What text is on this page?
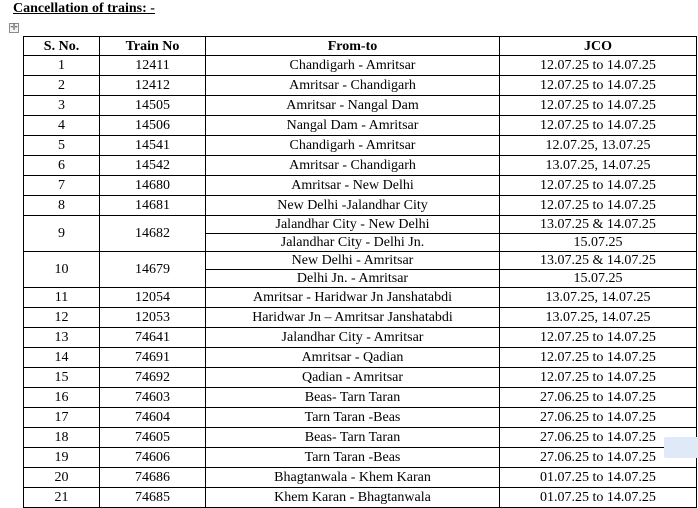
Cancellation of trains: -
✛
S. No.	Train No	From-to	JCO
1	12411	Chandigarh - Amritsar	12.07.25 to 14.07.25
2	12412	Amritsar - Chandigarh	12.07.25 to 14.07.25
3	14505	Amritsar - Nangal Dam	12.07.25 to 14.07.25
4	14506	Nangal Dam - Amritsar	12.07.25 to 14.07.25
5	14541	Chandigarh - Amritsar	12.07.25, 13.07.25
6	14542	Amritsar - Chandigarh	13.07.25, 14.07.25
7	14680	Amritsar - New Delhi	12.07.25 to 14.07.25
8	14681	New Delhi -Jalandhar City	12.07.25 to 14.07.25
9	14682	Jalandhar City - New Delhi	13.07.25 & 14.07.25
		Jalandhar City - Delhi Jn.	15.07.25
10	14679	New Delhi - Amritsar	13.07.25 & 14.07.25
		Delhi Jn. - Amritsar	15.07.25
11	12054	Amritsar - Haridwar Jn Janshatabdi	13.07.25, 14.07.25
12	12053	Haridwar Jn – Amritsar Janshatabdi	13.07.25, 14.07.25
13	74641	Jalandhar City - Amritsar	12.07.25 to 14.07.25
14	74691	Amritsar - Qadian	12.07.25 to 14.07.25
15	74692	Qadian - Amritsar	12.07.25 to 14.07.25
16	74603	Beas- Tarn Taran	27.06.25 to 14.07.25
17	74604	Tarn Taran -Beas	27.06.25 to 14.07.25
18	74605	Beas- Tarn Taran	27.06.25 to 14.07.25
19	74606	Tarn Taran -Beas	27.06.25 to 14.07.25
20	74686	Bhagtanwala - Khem Karan	01.07.25 to 14.07.25
21	74685	Khem Karan - Bhagtanwala	01.07.25 to 14.07.25
